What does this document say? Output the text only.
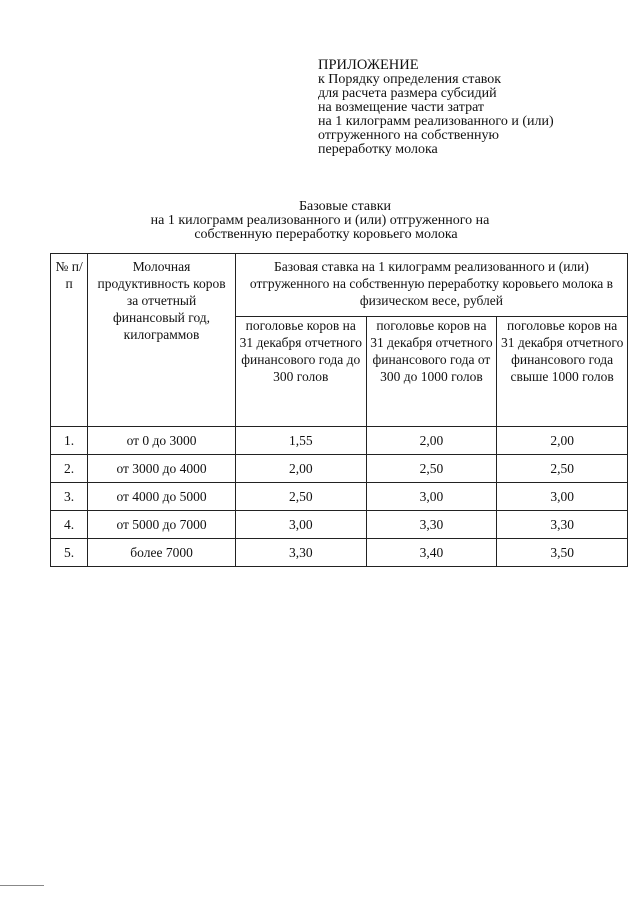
ПРИЛОЖЕНИЕ
к Порядку определения ставок
для расчета размера субсидий
на возмещение части затрат
на 1 килограмм реализованного и (или)
отгруженного на собственную
переработку молока
Базовые ставки
на 1 килограмм реализованного и (или) отгруженного на
собственную переработку коровьего молока
№ п/п	Молочная продуктивность коров за отчетный финансовый год, килограммов	Базовая ставка на 1 килограмм реализованного и (или) отгруженного на собственную переработку коровьего молока в физическом весе, рублей		
		поголовье коров на 31 декабря отчетного финансового года до 300 голов	поголовье коров на 31 декабря отчетного финансового года от 300 до 1000 голов	поголовье коров на 31 декабря отчетного финансового года свыше 1000 голов
1.	от 0 до 3000	1,55	2,00	2,00
2.	от 3000 до 4000	2,00	2,50	2,50
3.	от 4000 до 5000	2,50	3,00	3,00
4.	от 5000 до 7000	3,00	3,30	3,30
5.	более 7000	3,30	3,40	3,50
